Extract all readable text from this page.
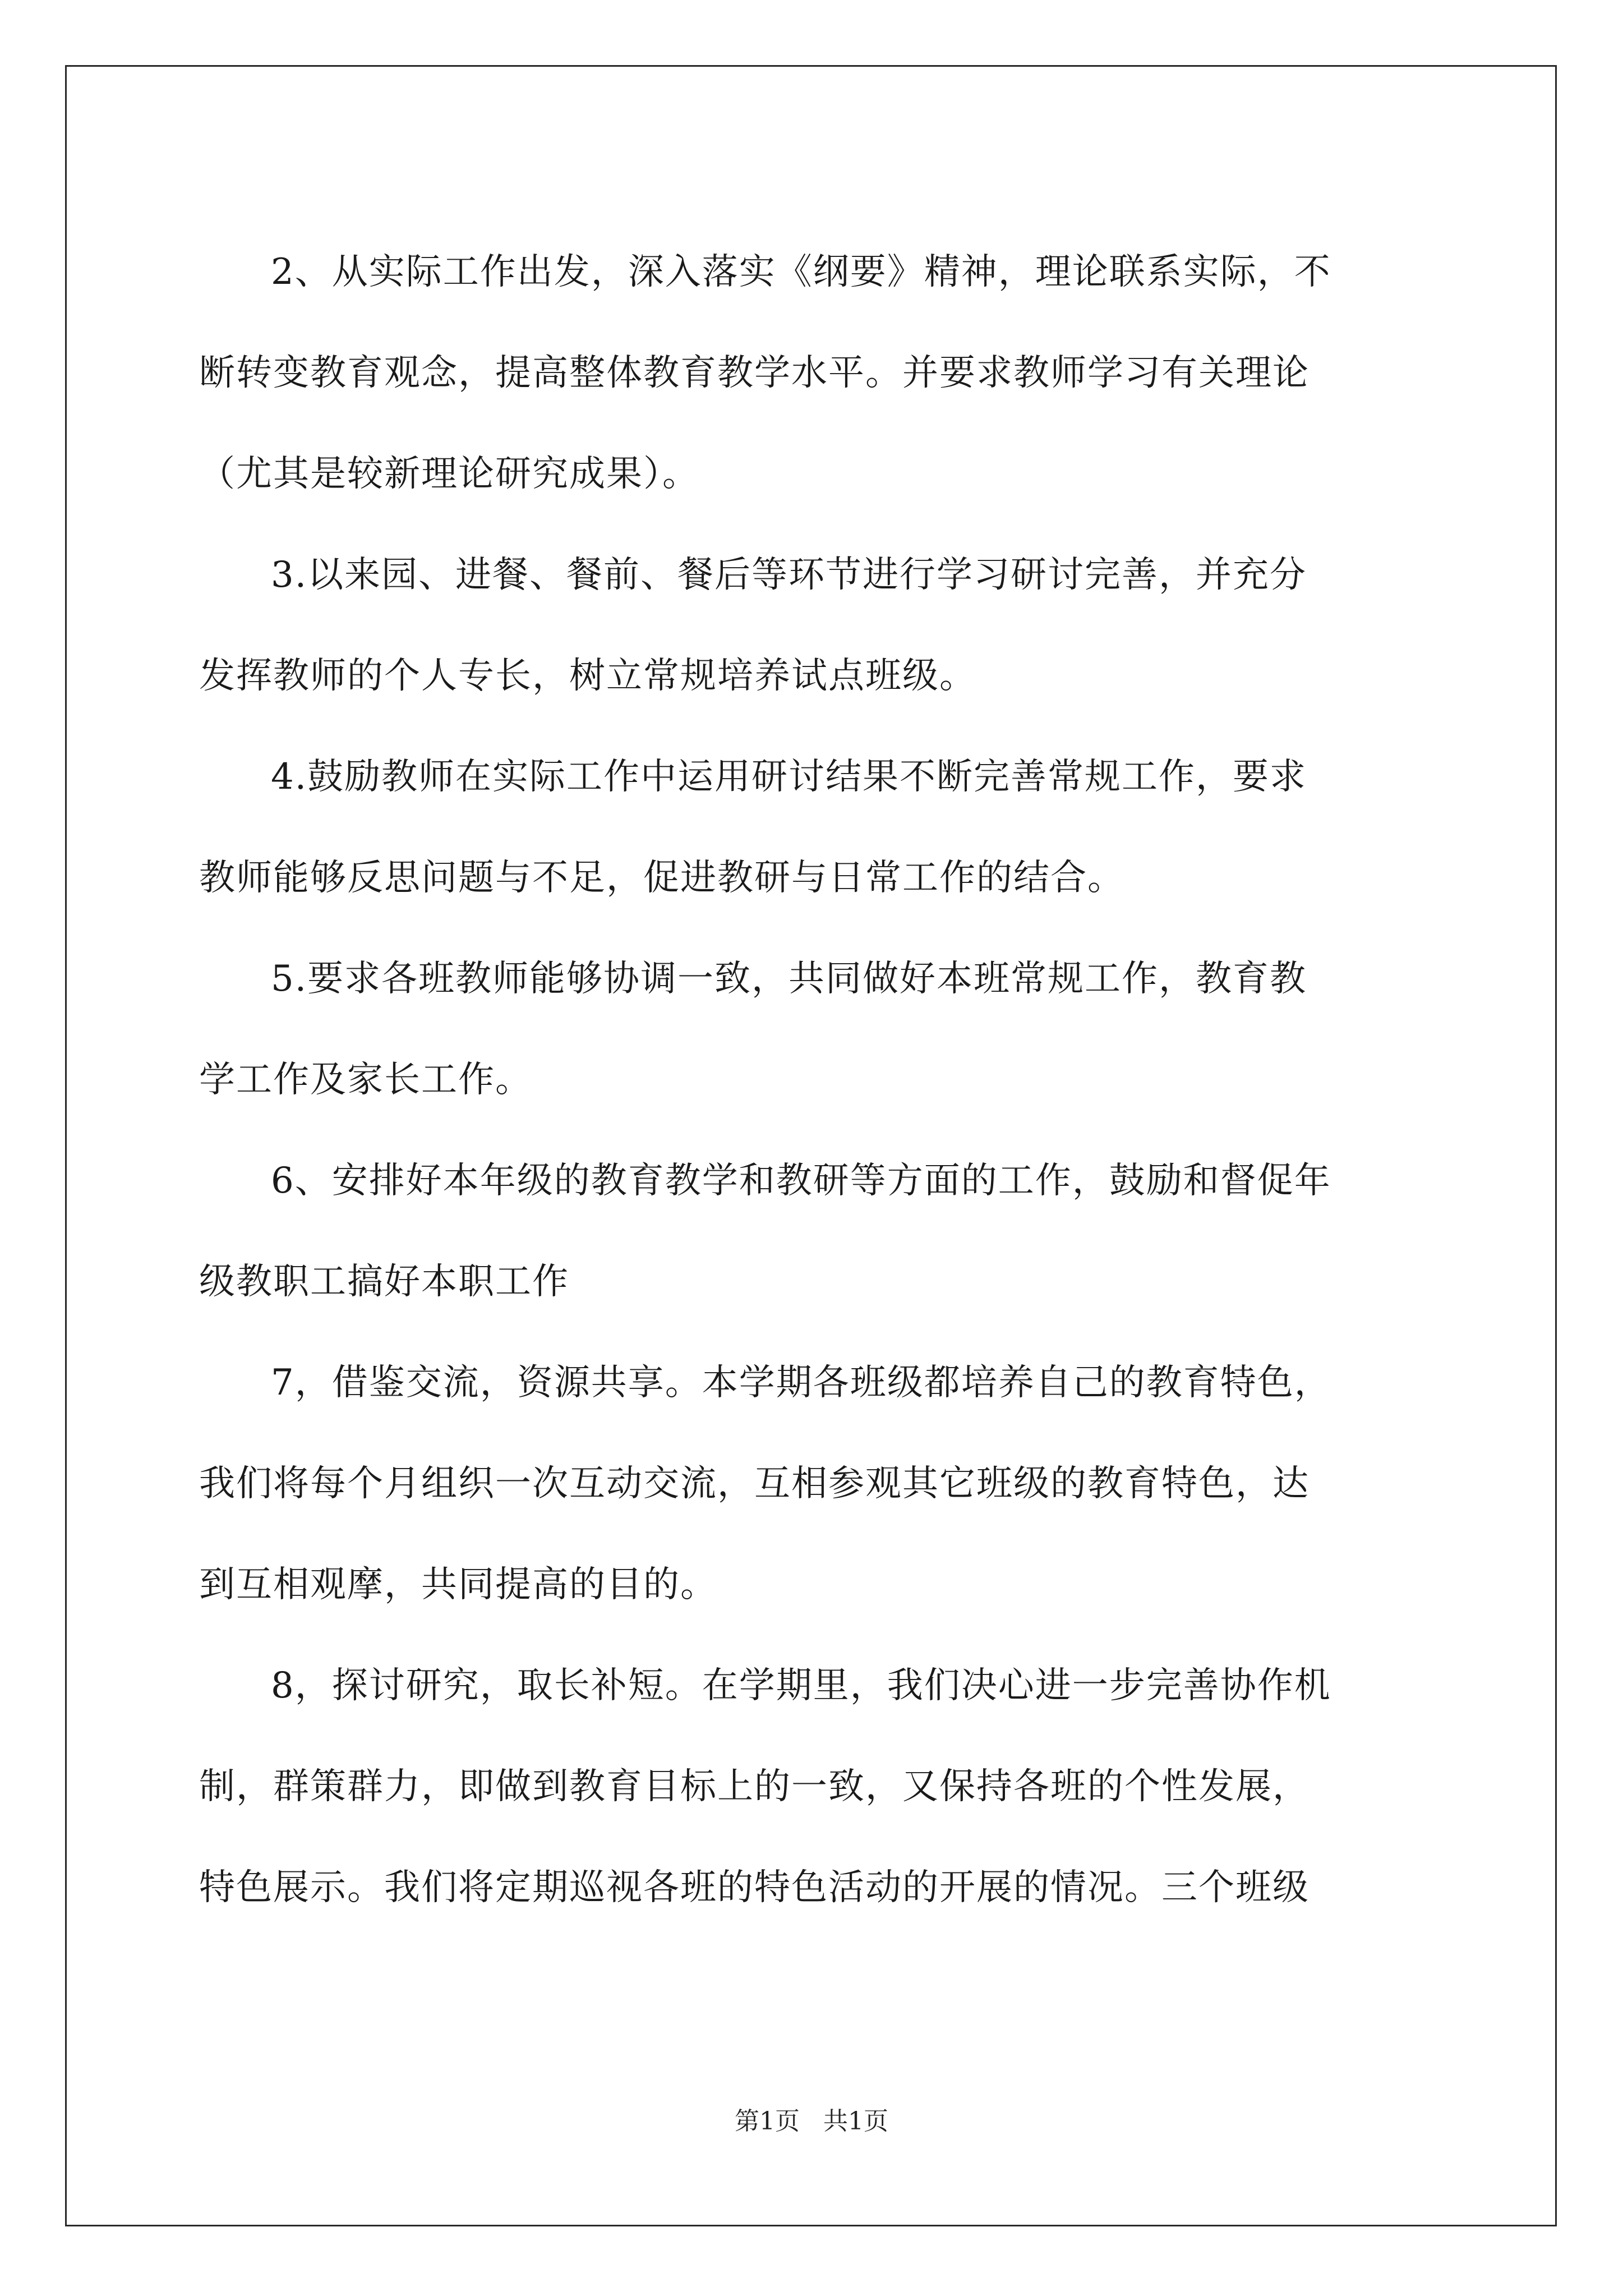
2、从实际工作出发，深入落实《纲要》精神，理论联系实际，不
断转变教育观念，提高整体教育教学水平。并要求教师学习有关理论
（尤其是较新理论研究成果）。

3.以来园、进餐、餐前、餐后等环节进行学习研讨完善，并充分
发挥教师的个人专长，树立常规培养试点班级。

4.鼓励教师在实际工作中运用研讨结果不断完善常规工作，要求
教师能够反思问题与不足，促进教研与日常工作的结合。

5.要求各班教师能够协调一致，共同做好本班常规工作，教育教
学工作及家长工作。

6、安排好本年级的教育教学和教研等方面的工作，鼓励和督促年
级教职工搞好本职工作

7，借鉴交流，资源共享。本学期各班级都培养自己的教育特色，
我们将每个月组织一次互动交流，互相参观其它班级的教育特色，达
到互相观摩，共同提高的目的。

8，探讨研究，取长补短。在学期里，我们决心进一步完善协作机
制，群策群力，即做到教育目标上的一致，又保持各班的个性发展，
特色展示。我们将定期巡视各班的特色活动的开展的情况。三个班级

第1页 共1页
